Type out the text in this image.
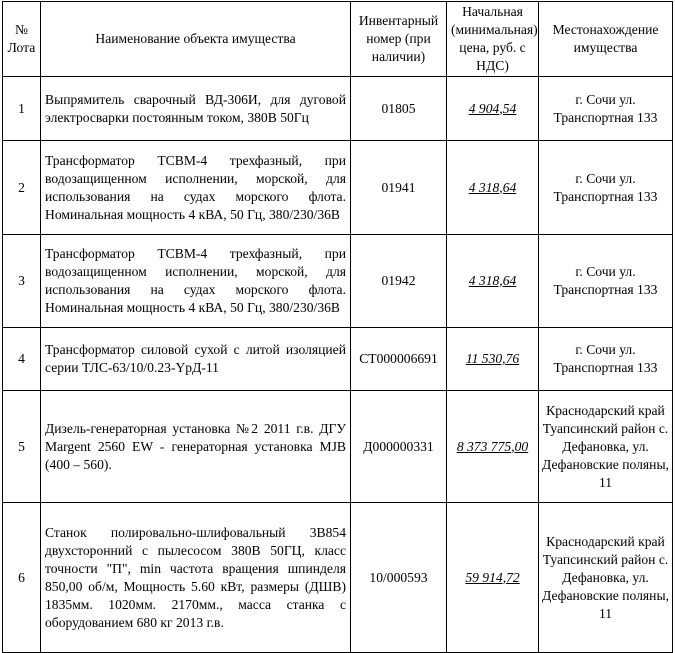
№ Лота	Наименование объекта имущества	Инвентарный номер (при наличии)	Начальная (минимальная) цена, руб. с НДС)	Местонахождение имущества
1	Выпрямитель сварочный ВД-306И, для дуговой электросварки постоянным током, 380В 50Гц	01805	4 904,54	г. Сочи ул. Транспортная 133
2	Трансформатор ТСВМ-4 трехфазный, при водозащищенном исполнении, морской, для использования на судах морского флота. Номинальная мощность 4 кВА, 50 Гц, 380/230/36В	01941	4 318,64	г. Сочи ул. Транспортная 133
3	Трансформатор ТСВМ-4 трехфазный, при водозащищенном исполнении, морской, для использования на судах морского флота. Номинальная мощность 4 кВА, 50 Гц, 380/230/36В	01942	4 318,64	г. Сочи ул. Транспортная 133
4	Трансформатор силовой сухой с литой изоляцией серии ТЛС-63/10/0.23-YрД-11	СТ000006691	11 530,76	г. Сочи ул. Транспортная 133
5	Дизель-генераторная установка №2 2011 г.в. ДГУ Margent 2560 EW - генераторная установка MJB (400 – 560).	Д000000331	8 373 775,00	Краснодарский край Туапсинский район с. Дефановка, ул. Дефановские поляны, 11
6	Станок полировально-шлифовальный 3В854 двухсторонний с пылесосом 380В 50ГЦ, класс точности "П", min частота вращения шпинделя 850,00 об/м, Мощность 5.60 кВт, размеры (ДШВ) 1835мм. 1020мм. 2170мм., масса станка с оборудованием 680 кг 2013 г.в.	10/000593	59 914,72	Краснодарский край Туапсинский район с. Дефановка, ул. Дефановские поляны, 11
